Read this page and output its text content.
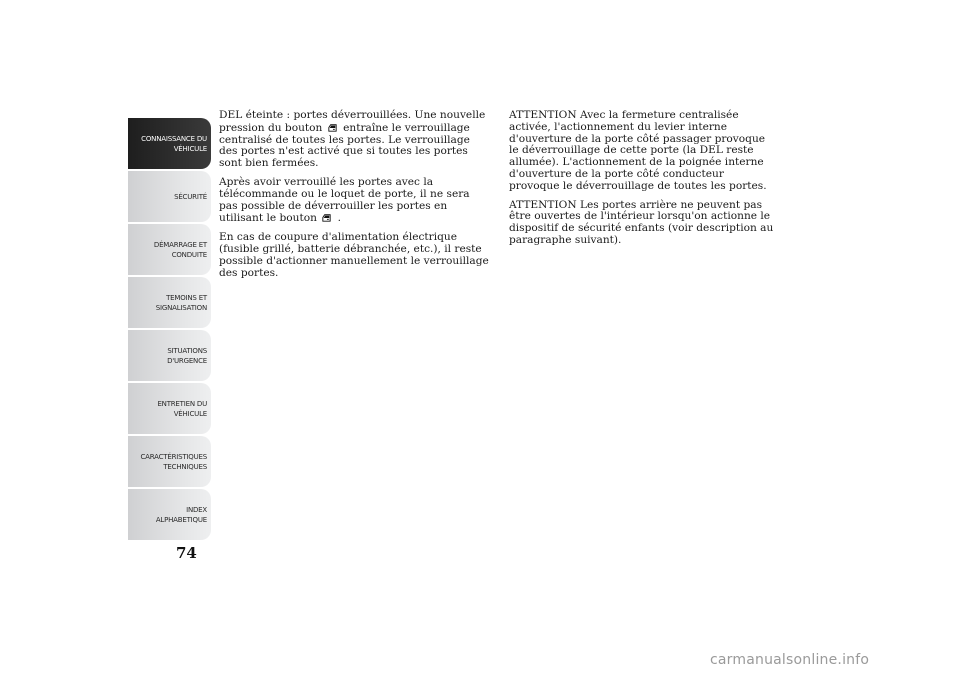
CONNAISSANCE DU
VÉHICULE
SÉCURITÉ
DÉMARRAGE ET
CONDUITE
TEMOINS ET
SIGNALISATION
SITUATIONS
D'URGENCE
ENTRETIEN DU
VÉHICULE
CARACTÉRISTIQUES
TECHNIQUES
INDEX
ALPHABETIQUE
74

DEL éteinte : portes déverrouillées. Une nouvelle pression du bouton entraîne le verrouillage centralisé de toutes les portes. Le verrouillage des portes n'est activé que si toutes les portes sont bien fermées.

Après avoir verrouillé les portes avec la télécommande ou le loquet de porte, il ne sera pas possible de déverrouiller les portes en utilisant le bouton .

En cas de coupure d'alimentation électrique (fusible grillé, batterie débranchée, etc.), il reste possible d'actionner manuellement le verrouillage des portes.

ATTENTION Avec la fermeture centralisée activée, l'actionnement du levier interne d'ouverture de la porte côté passager provoque le déverrouillage de cette porte (la DEL reste allumée). L'actionnement de la poignée interne d'ouverture de la porte côté conducteur provoque le déverrouillage de toutes les portes.

ATTENTION Les portes arrière ne peuvent pas être ouvertes de l'intérieur lorsqu'on actionne le dispositif de sécurité enfants (voir description au paragraphe suivant).

carmanualsonline.info
